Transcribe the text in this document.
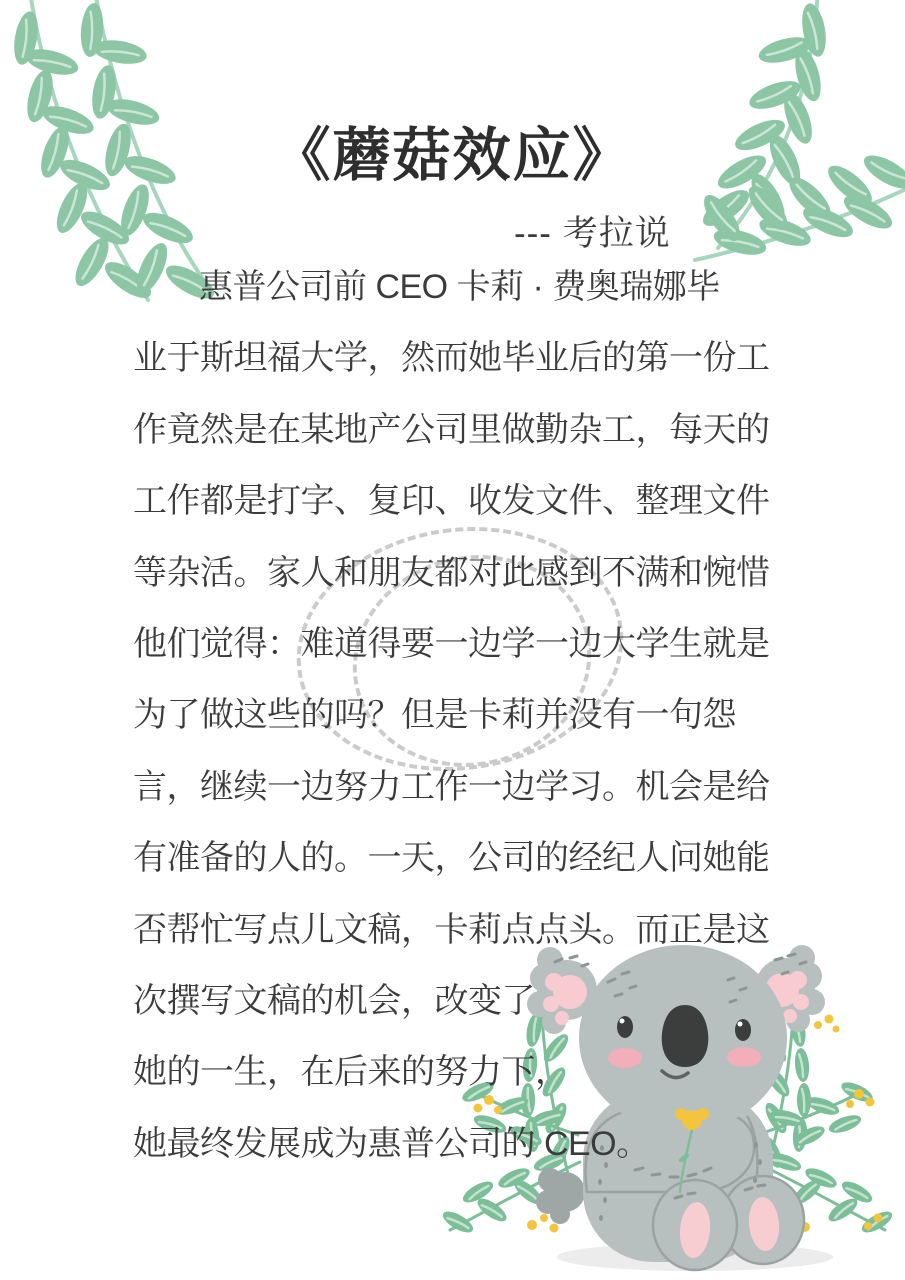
《蘑菇效应》
--- 考拉说
惠普公司前 CEO 卡莉 · 费奥瑞娜毕
业于斯坦福大学，然而她毕业后的第一份工
作竟然是在某地产公司里做勤杂工，每天的
工作都是打字、复印、收发文件、整理文件
等杂活。家人和朋友都对此感到不满和惋惜
他们觉得：难道得要一边学一边大学生就是
为了做这些的吗？但是卡莉并没有一句怨
言，继续一边努力工作一边学习。机会是给
有准备的人的。一天，公司的经纪人问她能
否帮忙写点儿文稿，卡莉点点头。而正是这
次撰写文稿的机会，改变了
她的一生，在后来的努力下，
她最终发展成为惠普公司的 CEO。
